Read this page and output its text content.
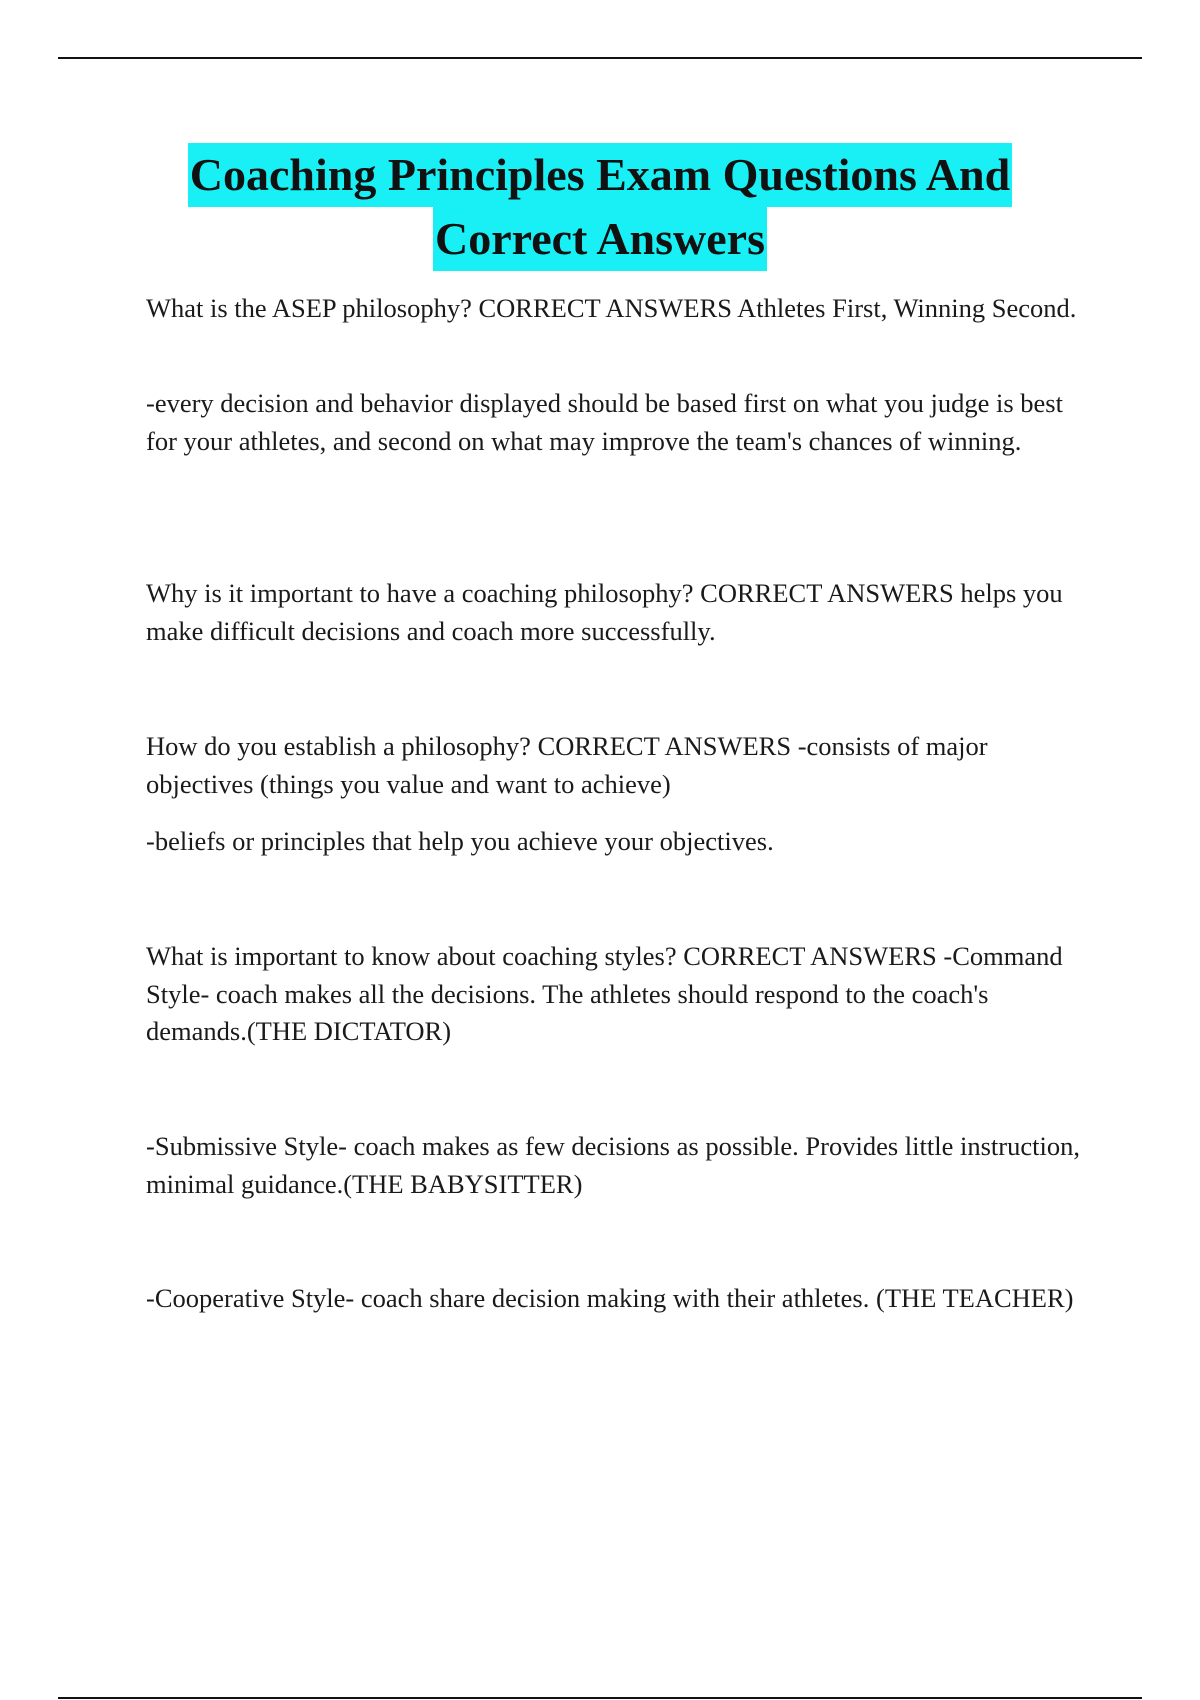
Coaching Principles Exam Questions And
Correct Answers

What is the ASEP philosophy? CORRECT ANSWERS Athletes First, Winning Second.

-every decision and behavior displayed should be based first on what you judge is best for your athletes, and second on what may improve the team's chances of winning.

Why is it important to have a coaching philosophy? CORRECT ANSWERS helps you make difficult decisions and coach more successfully.

How do you establish a philosophy? CORRECT ANSWERS -consists of major objectives (things you value and want to achieve)

-beliefs or principles that help you achieve your objectives.

What is important to know about coaching styles? CORRECT ANSWERS -Command Style- coach makes all the decisions. The athletes should respond to the coach's demands.(THE DICTATOR)

-Submissive Style- coach makes as few decisions as possible. Provides little instruction, minimal guidance.(THE BABYSITTER)

-Cooperative Style- coach share decision making with their athletes. (THE TEACHER)
